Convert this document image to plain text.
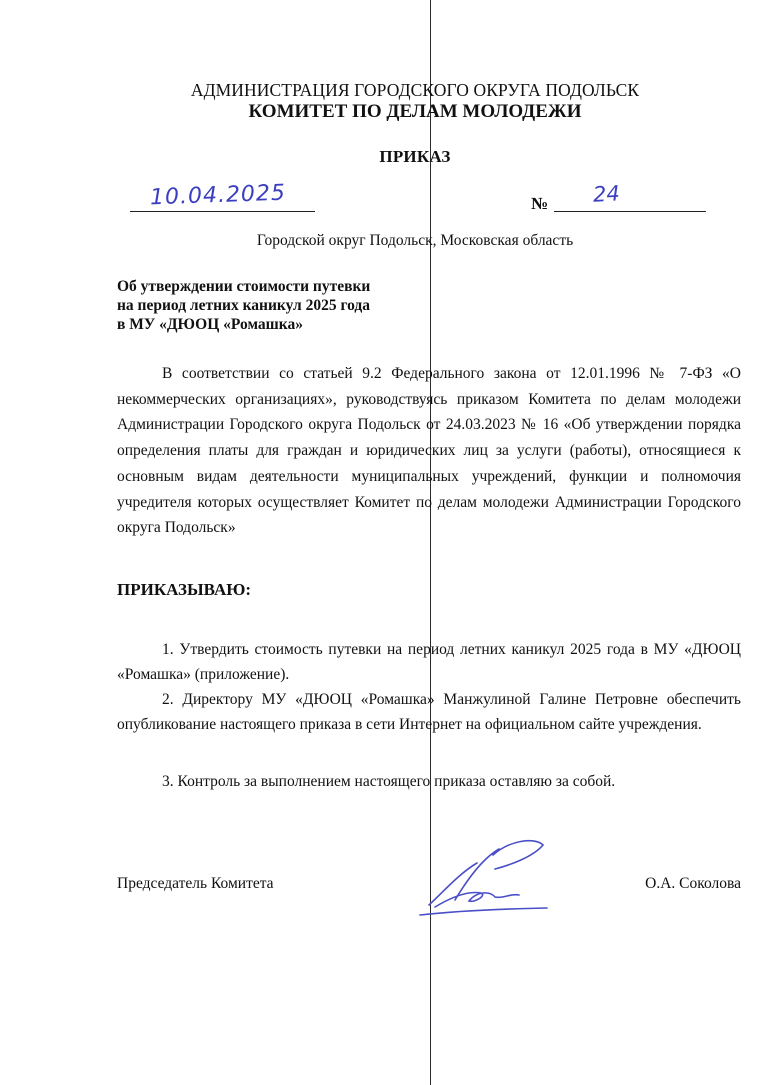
АДМИНИСТРАЦИЯ ГОРОДСКОГО ОКРУГА ПОДОЛЬСК
КОМИТЕТ ПО ДЕЛАМ МОЛОДЕЖИ
ПРИКАЗ
10.04.2025	№ 24
Городской округ Подольск, Московская область
Об утверждении стоимости путевки
на период летних каникул 2025 года
в МУ «ДЮОЦ «Ромашка»
В соответствии со статьей 9.2 Федерального закона от 12.01.1996 № 7-ФЗ «О некоммерческих организациях», руководствуясь приказом Комитета по делам молодежи Администрации Городского округа Подольск от 24.03.2023 № 16 «Об утверждении порядка определения платы для граждан и юридических лиц за услуги (работы), относящиеся к основным видам деятельности муниципальных учреждений, функции и полномочия учредителя которых осуществляет Комитет по делам молодежи Администрации Городского округа Подольск»
ПРИКАЗЫВАЮ:
1. Утвердить стоимость путевки на период летних каникул 2025 года в МУ «ДЮОЦ «Ромашка» (приложение).
2. Директору МУ «ДЮОЦ «Ромашка» Манжулиной Галине Петровне обеспечить опубликование настоящего приказа в сети Интернет на официальном сайте учреждения.
3. Контроль за выполнением настоящего приказа оставляю за собой.
Председатель Комитета	О.А. Соколова
